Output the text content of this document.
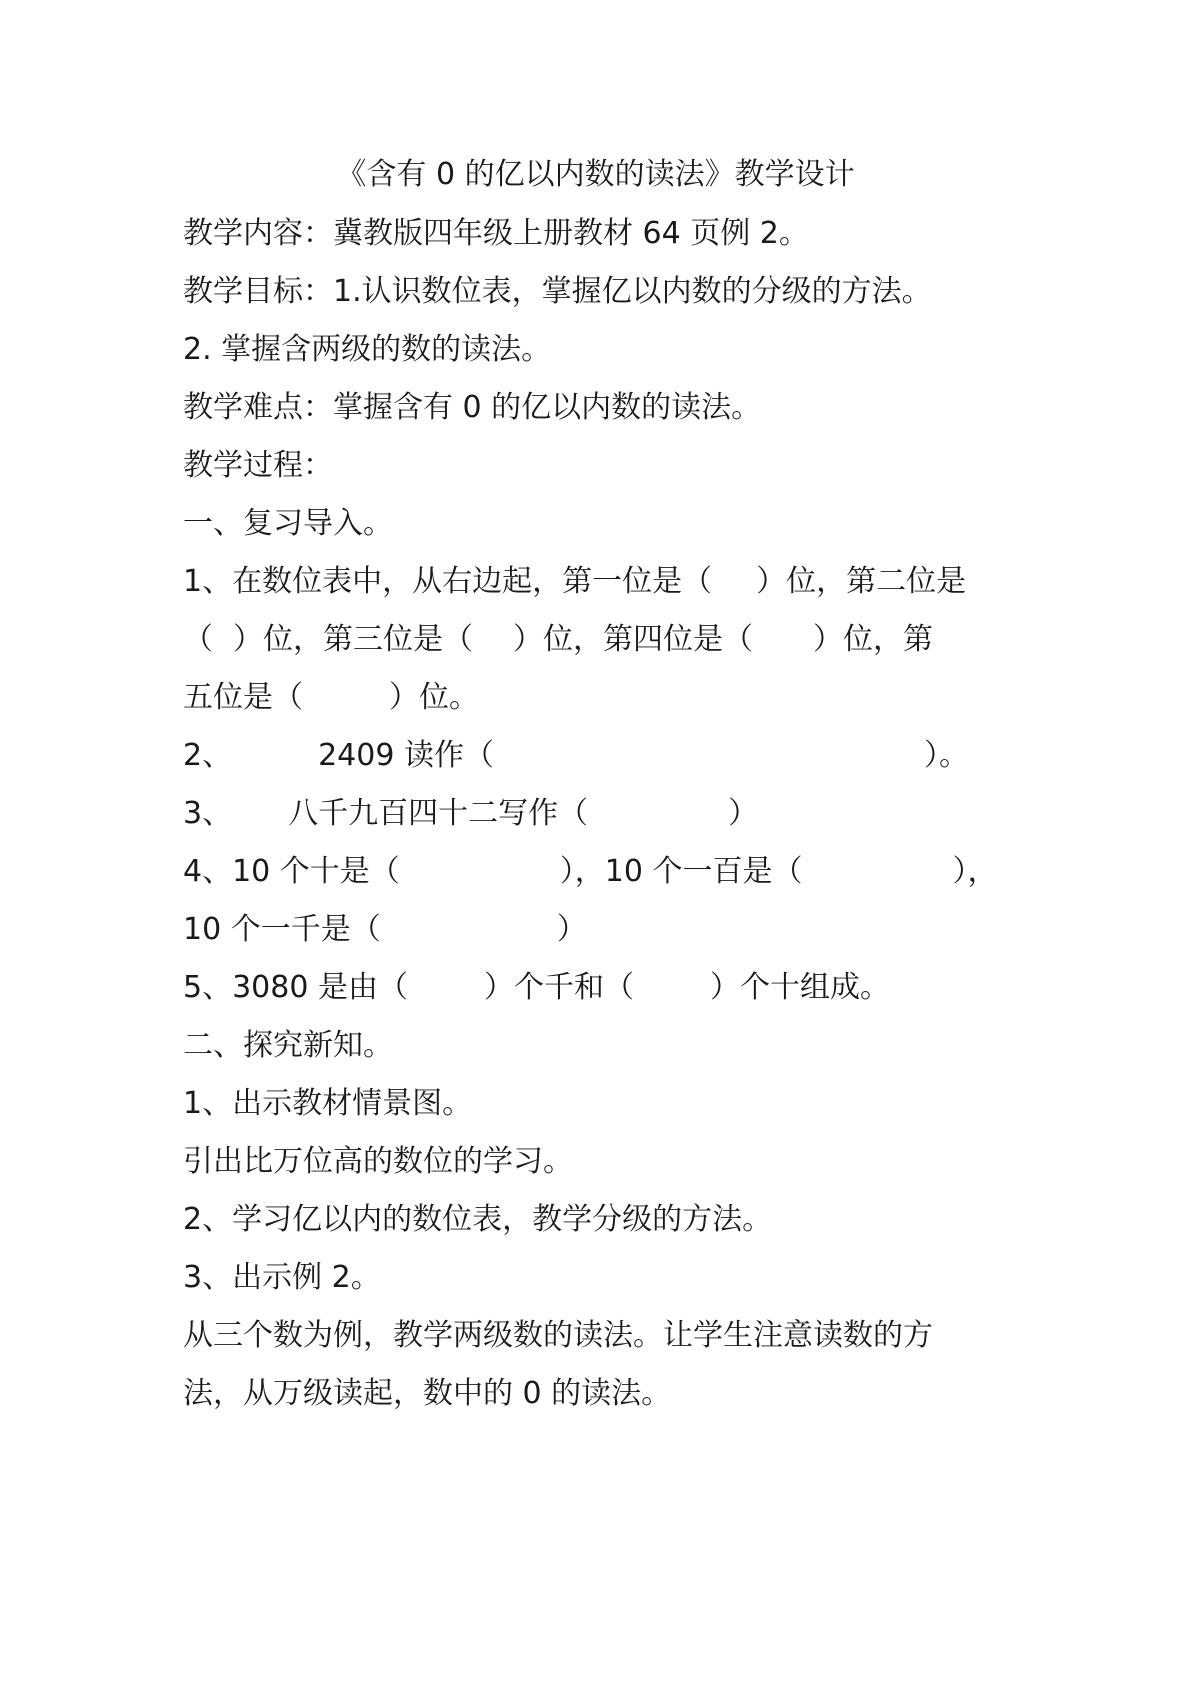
《含有 0 的亿以内数的读法》教学设计

教学内容：冀教版四年级上册教材 64 页例 2。

教学目标：1.认识数位表，掌握亿以内数的分级的方法。

2. 掌握含两级的数的读法。

教学难点：掌握含有 0 的亿以内数的读法。

教学过程：

一、复习导入。

1、在数位表中，从右边起，第一位是（ ）位，第二位是

（ ）位，第三位是（ ）位，第四位是（ ）位，第

五位是（	）位。

2、	2409 读作（	）。

3、 八千九百四十二写作（	）

4、10 个十是（	），10 个一百是（	），

10 个一千是（	）

5、3080 是由（	）个千和（	）个十组成。

二、探究新知。

1、出示教材情景图。

引出比万位高的数位的学习。

2、学习亿以内的数位表，教学分级的方法。

3、出示例 2。

从三个数为例，教学两级数的读法。让学生注意读数的方

法，从万级读起，数中的 0 的读法。
